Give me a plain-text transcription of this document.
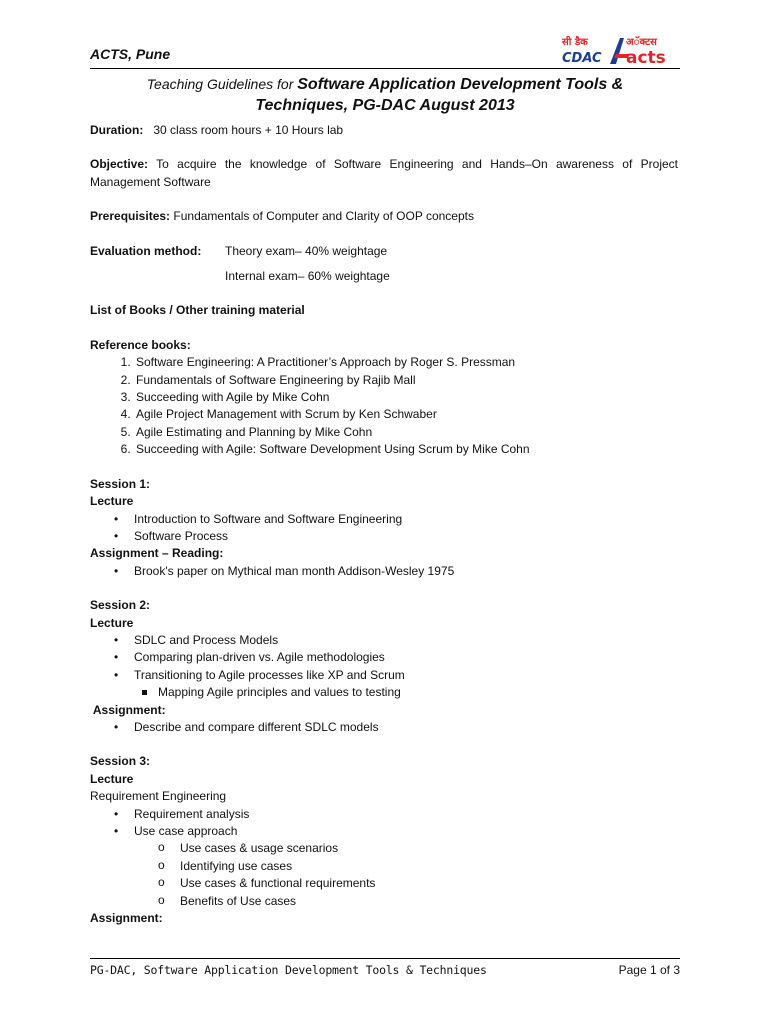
ACTS, Pune
सी डैक
CDAC
अॅक्टस
acts
Teaching Guidelines for Software Application Development Tools &
Techniques, PG-DAC August 2013

Duration: 30 class room hours + 10 Hours lab

Objective: To acquire the knowledge of Software Engineering and Hands–On awareness of Project Management Software

Prerequisites: Fundamentals of Computer and Clarity of OOP concepts

Evaluation method:	Theory exam– 40% weightage
Internal exam– 60% weightage

List of Books / Other training material

Reference books:

1. Software Engineering: A Practitioner’s Approach by Roger S. Pressman
2. Fundamentals of Software Engineering by Rajib Mall
3. Succeeding with Agile by Mike Cohn
4. Agile Project Management with Scrum by Ken Schwaber
5. Agile Estimating and Planning by Mike Cohn
6. Succeeding with Agile: Software Development Using Scrum by Mike Cohn

Session 1:

Lecture

• Introduction to Software and Software Engineering
• Software Process

Assignment – Reading:

• Brook's paper on Mythical man month Addison-Wesley 1975

Session 2:

Lecture

• SDLC and Process Models
• Comparing plan-driven vs. Agile methodologies
• Transitioning to Agile processes like XP and Scrum
Mapping Agile principles and values to testing

Assignment:

• Describe and compare different SDLC models

Session 3:

Lecture

Requirement Engineering

• Requirement analysis
• Use case approach
o Use cases & usage scenarios
o Identifying use cases
o Use cases & functional requirements
o Benefits of Use cases

Assignment:

PG-DAC, Software Application Development Tools & Techniques	Page 1 of 3
